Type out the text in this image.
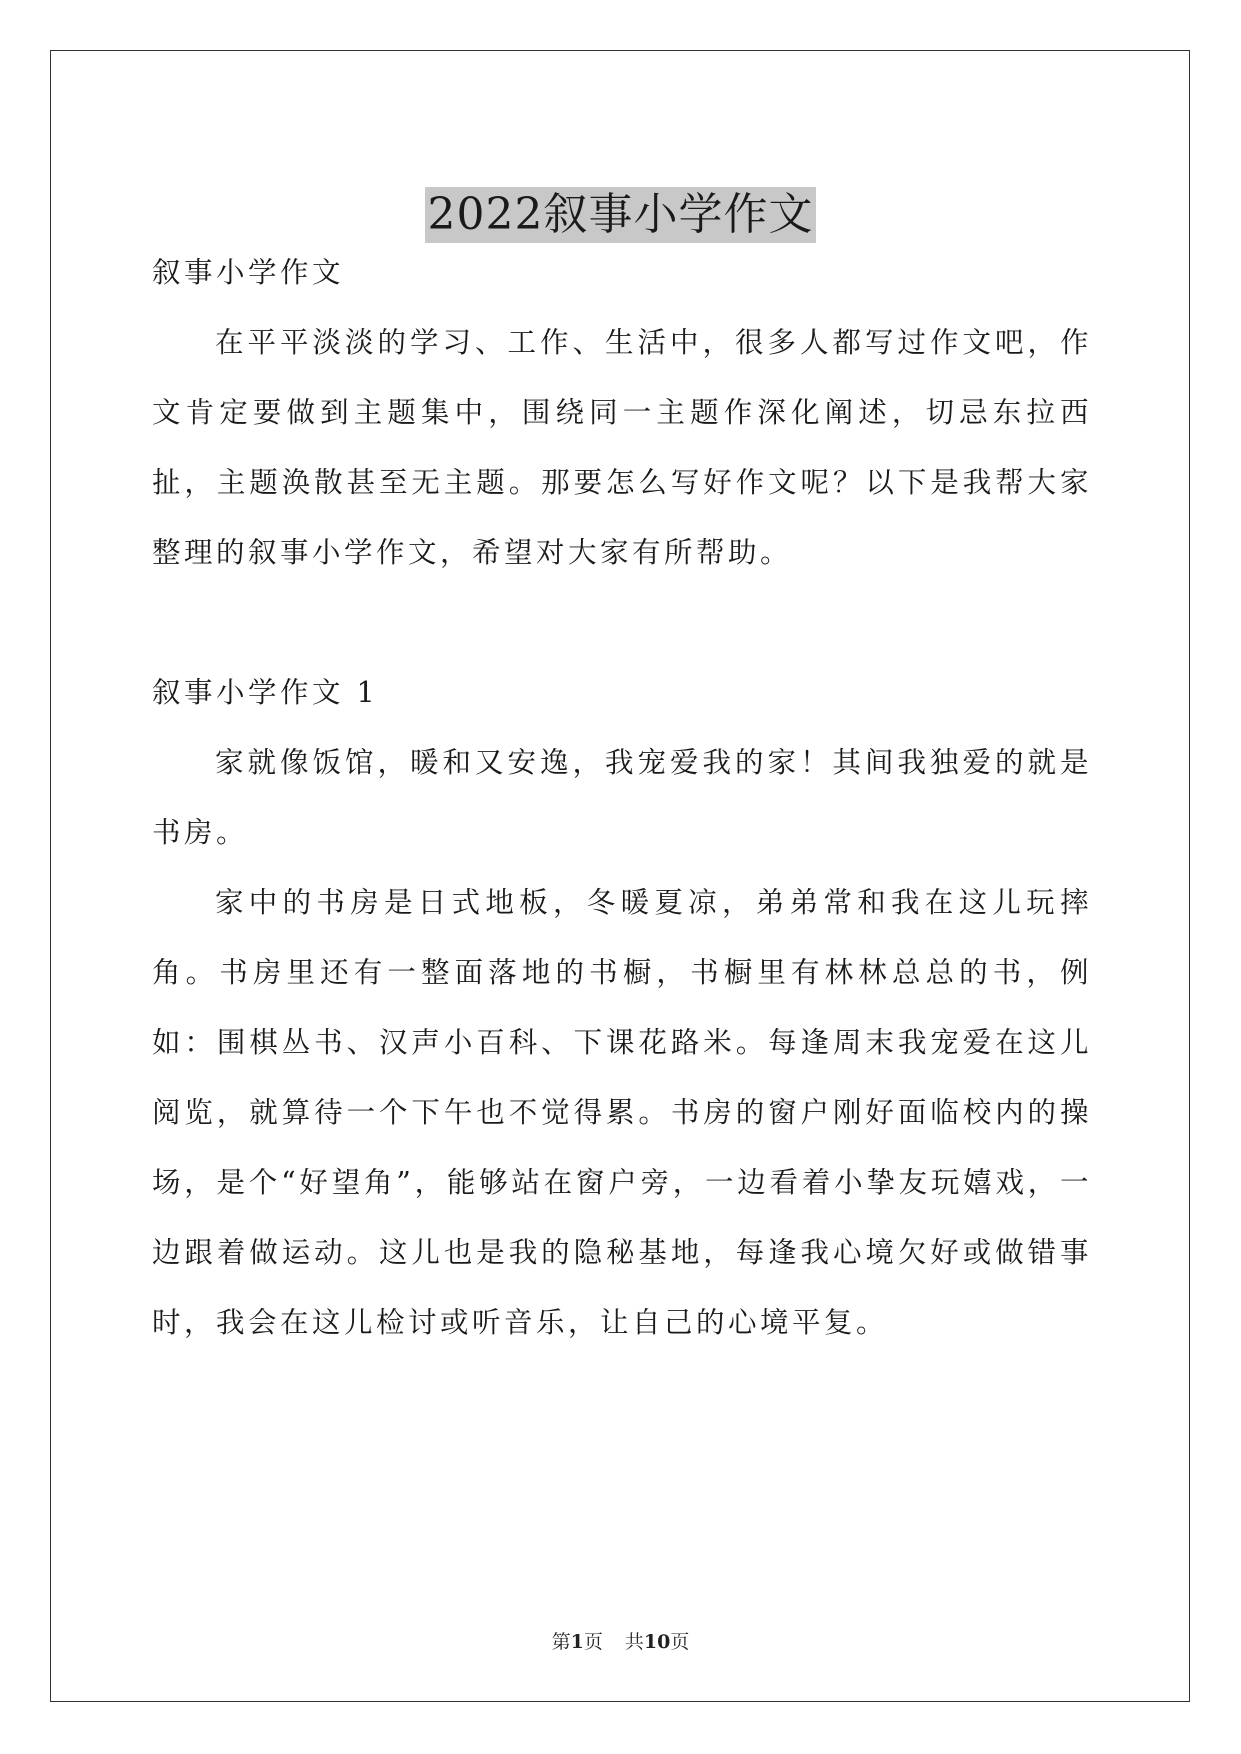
2022叙事小学作文

叙事小学作文

在平平淡淡的学习、工作、生活中，很多人都写过作文吧，作文肯定要做到主题集中，围绕同一主题作深化阐述，切忌东拉西扯，主题涣散甚至无主题。那要怎么写好作文呢？以下是我帮大家整理的叙事小学作文，希望对大家有所帮助。

叙事小学作文 1

家就像饭馆，暖和又安逸，我宠爱我的家！其间我独爱的就是书房。

家中的书房是日式地板，冬暖夏凉，弟弟常和我在这儿玩摔角。书房里还有一整面落地的书橱，书橱里有林林总总的书，例如：围棋丛书、汉声小百科、下课花路米。每逢周末我宠爱在这儿阅览，就算待一个下午也不觉得累。书房的窗户刚好面临校内的操场，是个“好望角”，能够站在窗户旁，一边看着小挚友玩嬉戏，一边跟着做运动。这儿也是我的隐秘基地，每逢我心境欠好或做错事时，我会在这儿检讨或听音乐，让自己的心境平复。

第1页 共10页
